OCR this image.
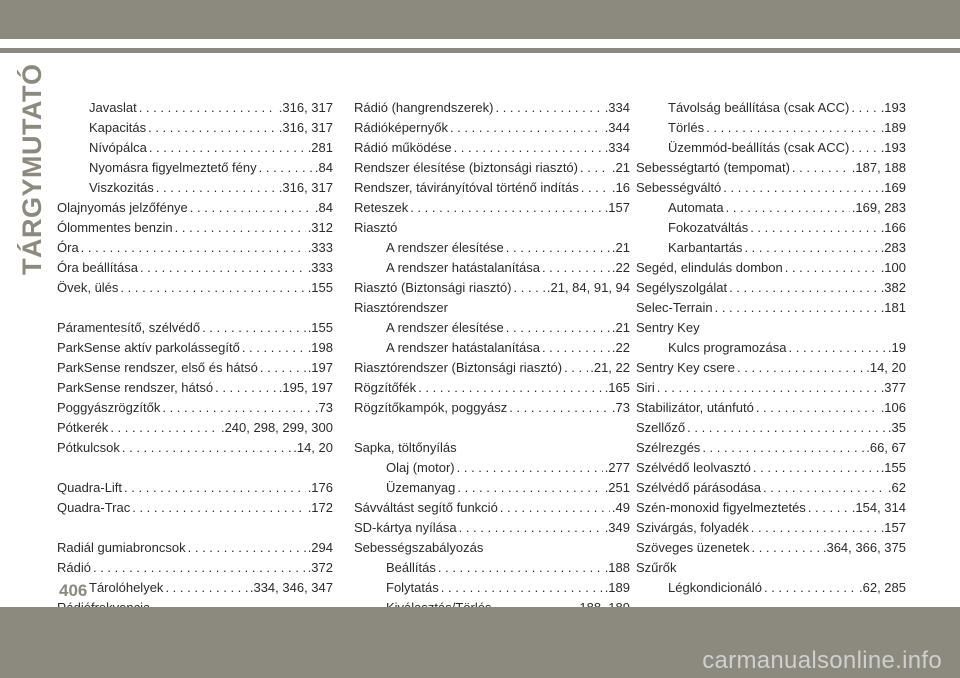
TÁRGYMUTATÓ	Javaslat . . .	.316, 317
Kapacitás . . .	.316, 317
Nívópálca . . .	.281
Nyomásra figyelmeztető fény . . .	.84
Viszkozitás . . .	.316, 317
Olajnyomás jelzőfénye . . .	.84
Ólommentes benzin . . .	.312
Óra . . .	.333
Óra beállítása . . .	.333
Övek, ülés . . .	.155
Páramentesítő, szélvédő . . .	.155
ParkSense aktív parkolássegítő . . .	.198
ParkSense rendszer, első és hátsó . . .	.197
ParkSense rendszer, hátsó . . .	.195, 197
Poggyászrögzítők . . .	.73
Pótkerék . . .	.240, 298, 299, 300
Pótkulcsok . . .	.14, 20
Quadra-Lift . . .	.176
Quadra-Trac . . .	.172
Radiál gumiabroncsok . . .	.294
Rádió . . .	.372
Tárolóhelyek . . .	.334, 346, 347
. . .
Rádió (hangrendszerek) . . .	.334
Rádióképernyők . . .	.344
Rádió működése . . .	.334
Rendszer élesítése (biztonsági riasztó) . . .	.21
Rendszer, távirányítóval történő indítás . . .	.16
Reteszek . . .	.157
Riasztó
A rendszer élesítése . . .	.21
A rendszer hatástalanítása . . .	.22
Riasztó (Biztonsági riasztó) . . .	.21, 84, 91, 94
Riasztórendszer
A rendszer élesítése . . .	.21
A rendszer hatástalanítása . . .	.22
Riasztórendszer (Biztonsági riasztó) . . . .21, 22
Rögzítőfék . . .	.165
Rögzítőkampók, poggyász . . .	.73
Sapka, töltőnyílás
Olaj (motor) . . .	.277
Üzemanyag . . .	.251
Sávváltást segítő funkció . . .	.49
SD-kártya nyílása . . .	.349
Sebességszabályozás
Beállítás . . .	.188
Folytatás . . .	.189
. . .
. . .
Távolság beállítása (csak ACC) . . . .193
Törlés . . .	.189
Üzemmód-beállítás (csak ACC) . . . .193
Sebességtartó (tempomat) . . .	.187, 188
Sebességváltó . . .	.169
Automata . . .	.169, 283
Fokozatváltás . . .	.166
Karbantartás . . .	.283
Segéd, elindulás dombon . . .	.100
Segélyszolgálat . . .	.382
Selec-Terrain . . .	.181
Sentry Key
Kulcs programozása . . .	.19
Sentry Key csere . . .	.14, 20
Siri . . .	.377
Stabilizátor, utánfutó . . .	.106
Szellőző . . .	.35
Szélrezgés . . .	.66, 67
Szélvédő leolvasztó . . .	.155
Szélvédő párásodása . . .	.62
Szén-monoxid figyelmeztetés . . .	.154, 314
Szivárgás, folyadék . . .	.157
Szöveges üzenetek . . .	.364, 366, 375
Szűrők
Légkondicionáló . . .	.62, 285
. . .
406
carmanualsonline.info
